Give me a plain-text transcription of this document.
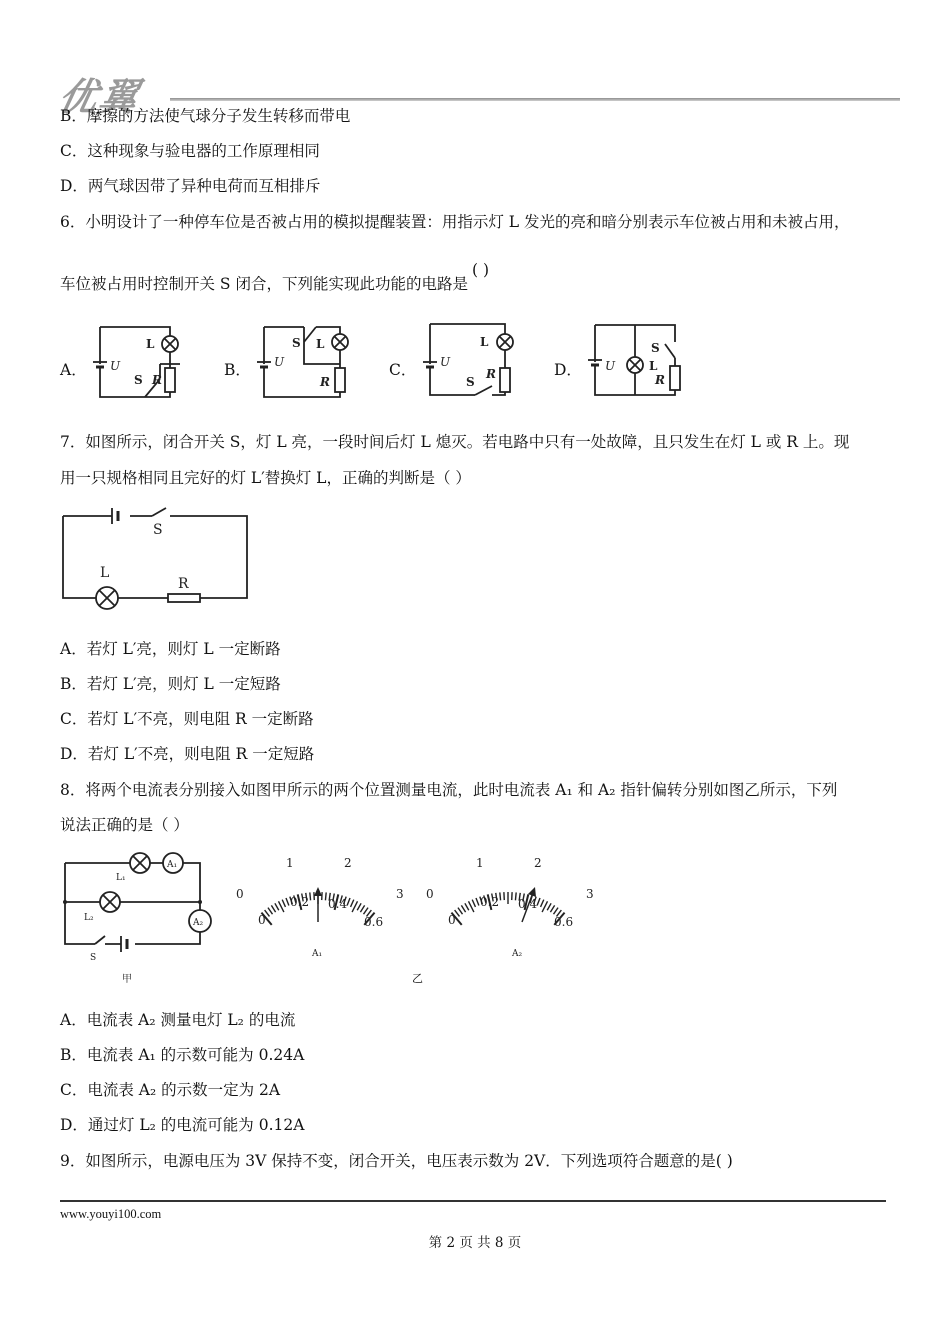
优翼
B．摩擦的方法使气球分子发生转移而带电
C．这种现象与验电器的工作原理相同
D．两气球因带了异种电荷而互相排斥
6．小明设计了一种停车位是否被占用的模拟提醒装置：用指示灯 L 发光的亮和暗分别表示车位被占用和未被占用，
车位被占用时控制开关 S 闭合，下列能实现此功能的电路是( )
A．	B．	C．	D．
L
U
S R
S L
U
R
L
U
S
R
S
U	L
R
7．如图所示，闭合开关 S，灯 L 亮，一段时间后灯 L 熄灭。若电路中只有一处故障，且只发生在灯 L 或 R 上。现
用一只规格相同且完好的灯 L′替换灯 L，正确的判断是（ ）
S
L
R
A．若灯 L′亮，则灯 L 一定断路
B．若灯 L′亮，则灯 L 一定短路
C．若灯 L′不亮，则电阻 R 一定断路
D．若灯 L′不亮，则电阻 R 一定短路
8．将两个电流表分别接入如图甲所示的两个位置测量电流，此时电流表 A₁ 和 A₂ 指针偏转分别如图乙所示，下列
说法正确的是（ ）
A₁
A₂
L₁
L₂
S
甲
0
1	2
3
0
0.2 0.4
0.6
A₁
0
1	2
3
0
0.2 0.4
0.6
A₂
乙
A．电流表 A₂ 测量电灯 L₂ 的电流
B．电流表 A₁ 的示数可能为 0.24A
C．电流表 A₂ 的示数一定为 2A
D．通过灯 L₂ 的电流可能为 0.12A
9．如图所示，电源电压为 3V 保持不变，闭合开关，电压表示数为 2V．下列选项符合题意的是( )
www.youyi100.com
第 2 页 共 8 页
